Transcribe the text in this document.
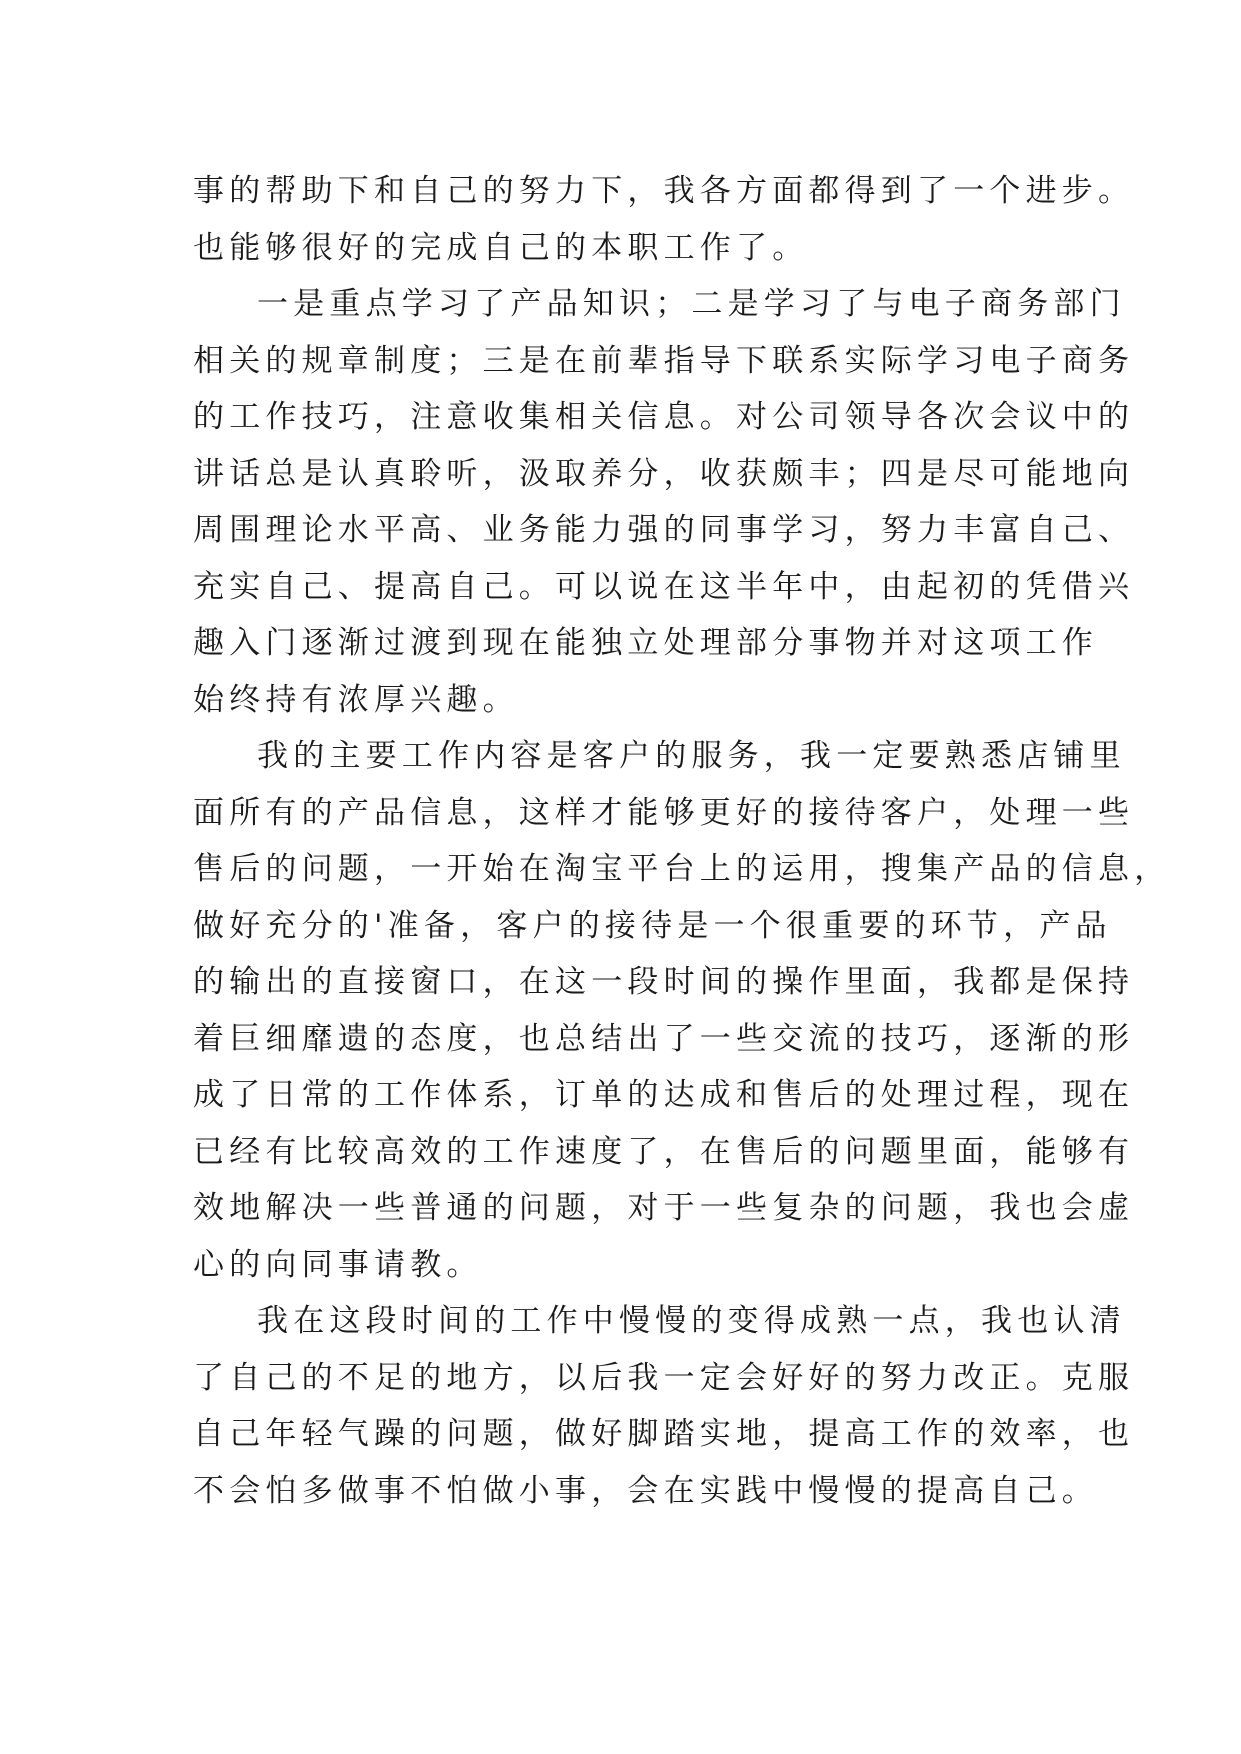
事的帮助下和自己的努力下，我各方面都得到了一个进步。
也能够很好的完成自己的本职工作了。
一是重点学习了产品知识；二是学习了与电子商务部门
相关的规章制度；三是在前辈指导下联系实际学习电子商务
的工作技巧，注意收集相关信息。对公司领导各次会议中的
讲话总是认真聆听，汲取养分，收获颇丰；四是尽可能地向
周围理论水平高、业务能力强的同事学习，努力丰富自己、
充实自己、提高自己。可以说在这半年中，由起初的凭借兴
趣入门逐渐过渡到现在能独立处理部分事物并对这项工作
始终持有浓厚兴趣。
我的主要工作内容是客户的服务，我一定要熟悉店铺里
面所有的产品信息，这样才能够更好的接待客户，处理一些
售后的问题，一开始在淘宝平台上的运用，搜集产品的信息，
做好充分的'准备，客户的接待是一个很重要的环节，产品
的输出的直接窗口，在这一段时间的操作里面，我都是保持
着巨细靡遗的态度，也总结出了一些交流的技巧，逐渐的形
成了日常的工作体系，订单的达成和售后的处理过程，现在
已经有比较高效的工作速度了，在售后的问题里面，能够有
效地解决一些普通的问题，对于一些复杂的问题，我也会虚
心的向同事请教。
我在这段时间的工作中慢慢的变得成熟一点，我也认清
了自己的不足的地方，以后我一定会好好的努力改正。克服
自己年轻气躁的问题，做好脚踏实地，提高工作的效率，也
不会怕多做事不怕做小事，会在实践中慢慢的提高自己。
